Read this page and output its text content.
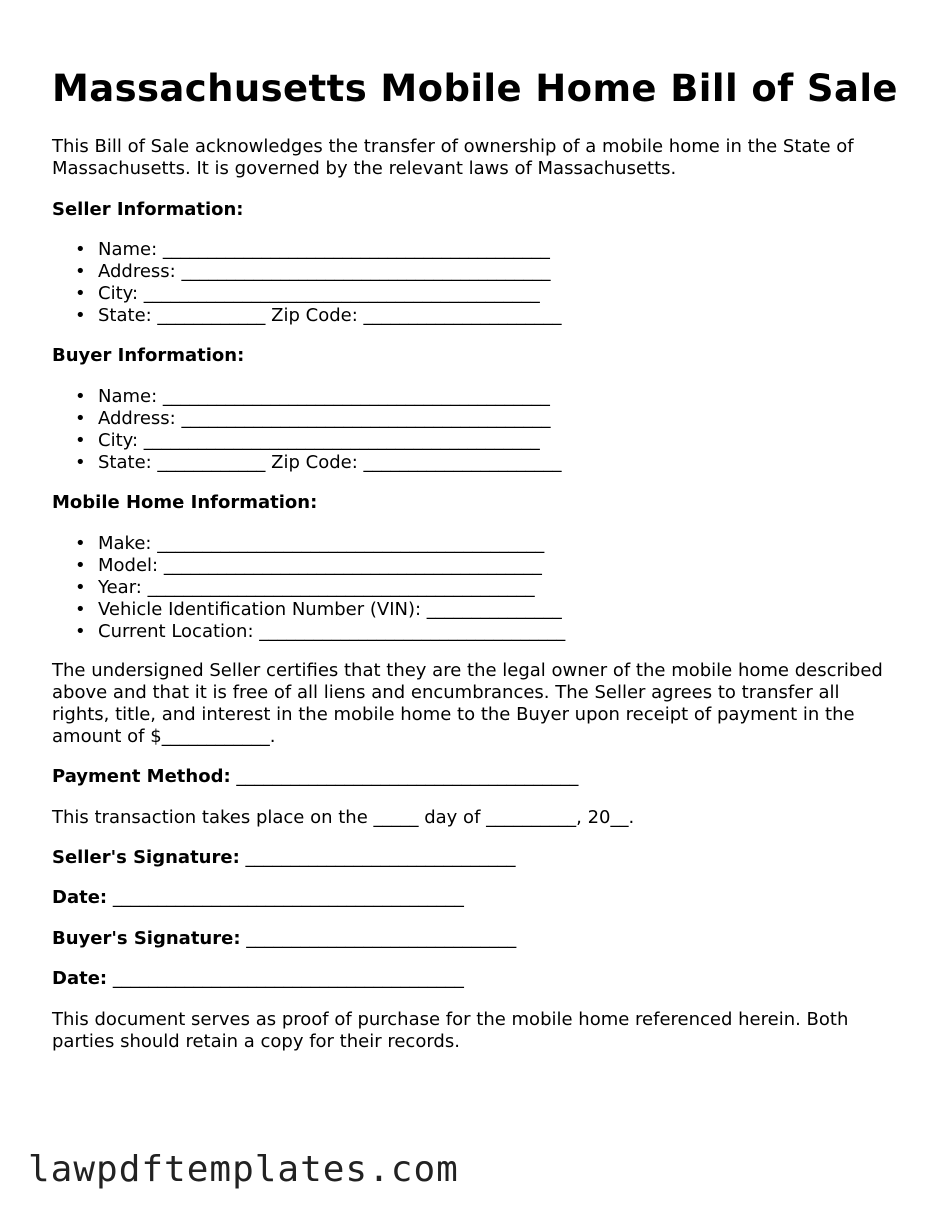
Massachusetts Mobile Home Bill of Sale

This Bill of Sale acknowledges the transfer of ownership of a mobile home in the State of Massachusetts. It is governed by the relevant laws of Massachusetts.

Seller Information:

• Name: ___________________________________________
• Address: _________________________________________
• City: ____________________________________________
• State: ____________ Zip Code: ______________________

Buyer Information:

• Name: ___________________________________________
• Address: _________________________________________
• City: ____________________________________________
• State: ____________ Zip Code: ______________________

Mobile Home Information:

• Make: ___________________________________________
• Model: __________________________________________
• Year: ___________________________________________
• Vehicle Identification Number (VIN): _______________
• Current Location: __________________________________

The undersigned Seller certifies that they are the legal owner of the mobile home described above and that it is free of all liens and encumbrances. The Seller agrees to transfer all rights, title, and interest in the mobile home to the Buyer upon receipt of payment in the amount of $____________.

Payment Method: ______________________________________

This transaction takes place on the _____ day of __________, 20__.

Seller's Signature: ______________________________
Date: _______________________________________
Buyer's Signature: ______________________________
Date: _______________________________________

This document serves as proof of purchase for the mobile home referenced herein. Both parties should retain a copy for their records.

lawpdftemplates.com
